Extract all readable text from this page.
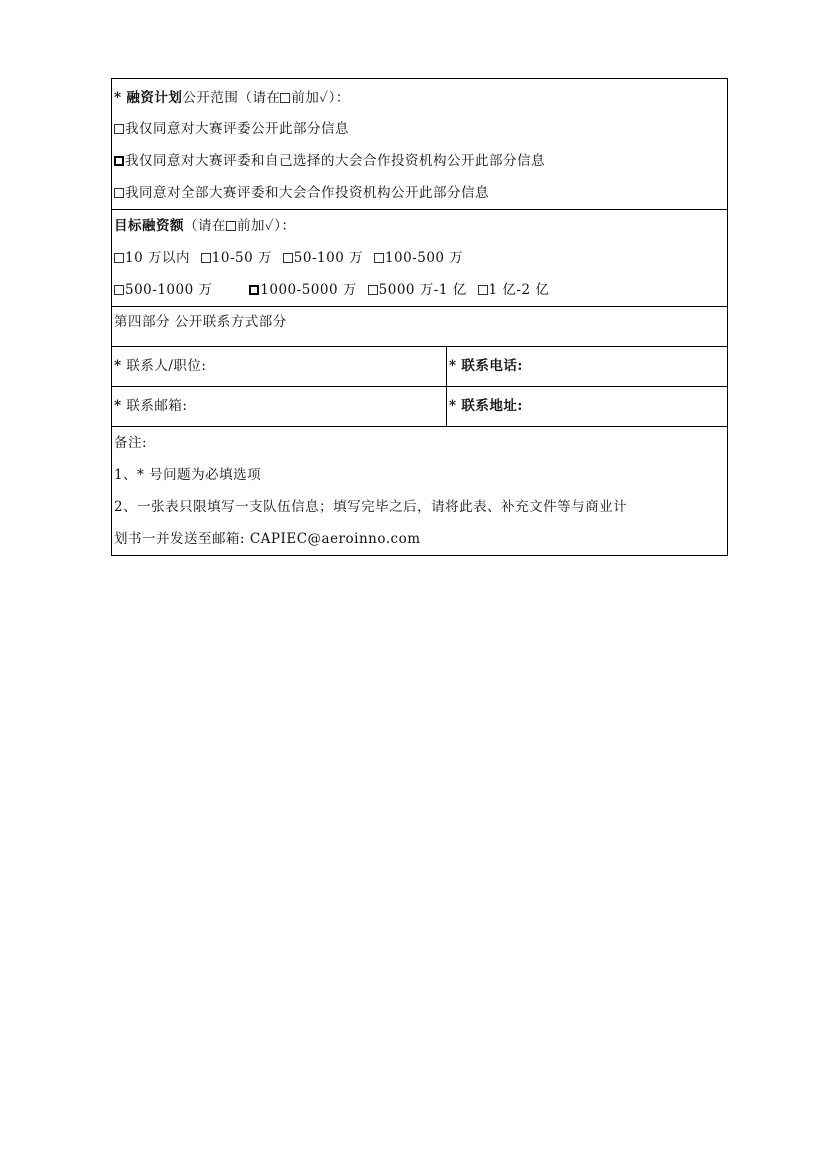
* 融资计划公开范围（请在 前加✓）：
我仅同意对大赛评委公开此部分信息
我仅同意对大赛评委和自己选择的大会合作投资机构公开此部分信息
我同意对全部大赛评委和大会合作投资机构公开此部分信息
目标融资额（请在 前加✓）：
10 万以内 10-50 万 50-100 万 100-500 万
500-1000 万	1000-5000 万 5000 万-1 亿 1 亿-2 亿
第四部分 公开联系方式部分
* 联系人/职位:	* 联系电话:
* 联系邮箱:	* 联系地址:
备注:
1、* 号问题为必填选项
2、一张表只限填写一支队伍信息；填写完毕之后，请将此表、补充文件等与商业计
划书一并发送至邮箱: CAPIEC@aeroinno.com
